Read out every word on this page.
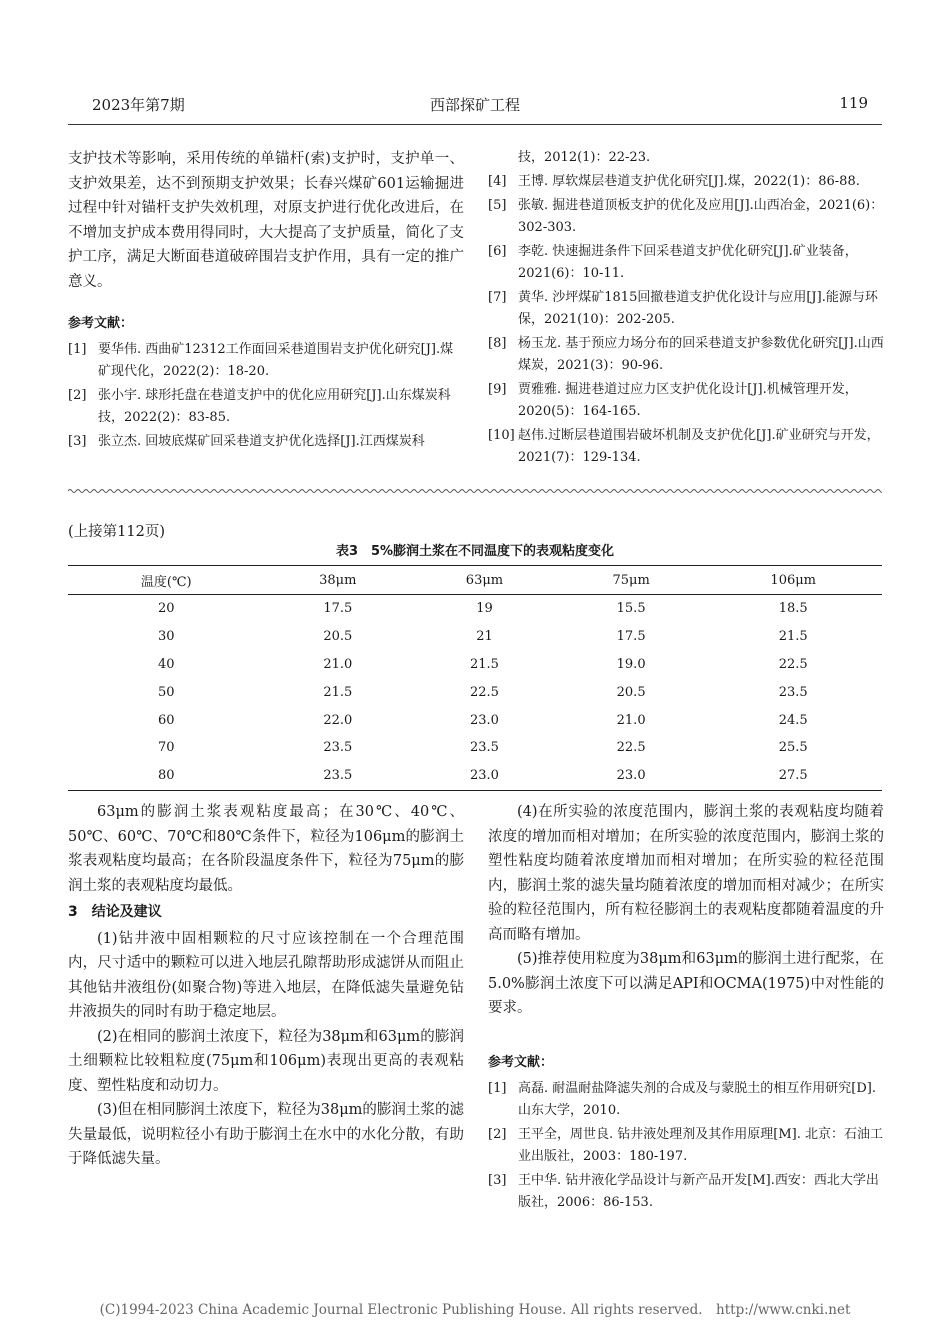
2023年第7期	西部探矿工程	119

支护技术等影响，采用传统的单锚杆(索)支护时，支护单一、支护效果差，达不到预期支护效果；长春兴煤矿601运输掘进过程中针对锚杆支护失效机理，对原支护进行优化改进后，在不增加支护成本费用得同时，大大提高了支护质量，简化了支护工序，满足大断面巷道破碎围岩支护作用，具有一定的推广意义。

参考文献：
[1] 要华伟. 西曲矿12312工作面回采巷道围岩支护优化研究[J].煤矿现代化，2022(2)：18-20.
[2] 张小宇. 球形托盘在巷道支护中的优化应用研究[J].山东煤炭科技，2022(2)：83-85.
[3] 张立杰. 回坡底煤矿回采巷道支护优化选择[J].江西煤炭科
技，2012(1)：22-23.
[4] 王博. 厚软煤层巷道支护优化研究[J].煤，2022(1)：86-88.
[5] 张敏. 掘进巷道顶板支护的优化及应用[J].山西冶金，2021(6)：302-303.
[6] 李乾. 快速掘进条件下回采巷道支护优化研究[J].矿业装备，2021(6)：10-11.
[7] 黄华. 沙坪煤矿1815回撤巷道支护优化设计与应用[J].能源与环保，2021(10)：202-205.
[8] 杨玉龙. 基于预应力场分布的回采巷道支护参数优化研究[J].山西煤炭，2021(3)：90-96.
[9] 贾雅雅. 掘进巷道过应力区支护优化设计[J].机械管理开发，2020(5)：164-165.
[10] 赵伟.过断层巷道围岩破坏机制及支护优化[J].矿业研究与开发，2021(7)：129-134.
(上接第112页)
表3　5%膨润土浆在不同温度下的表观粘度变化
温度(℃)	38μm	63μm	75μm	106μm
20	17.5	19	15.5	18.5
30	20.5	21	17.5	21.5
40	21.0	21.5	19.0	22.5
50	21.5	22.5	20.5	23.5
60	22.0	23.0	21.0	24.5
70	23.5	23.5	22.5	25.5
80	23.5	23.0	23.0	27.5

63μm的膨润土浆表观粘度最高；在30℃、40℃、50℃、60℃、70℃和80℃条件下，粒径为106μm的膨润土浆表观粘度均最高；在各阶段温度条件下，粒径为75μm的膨润土浆的表观粘度均最低。

3　结论及建议

(1)钻井液中固相颗粒的尺寸应该控制在一个合理范围内，尺寸适中的颗粒可以进入地层孔隙帮助形成滤饼从而阻止其他钻井液组份(如聚合物)等进入地层，在降低滤失量避免钻井液损失的同时有助于稳定地层。

(2)在相同的膨润土浓度下，粒径为38μm和63μm的膨润土细颗粒比较粗粒度(75μm和106μm)表现出更高的表观粘度、塑性粘度和动切力。

(3)但在相同膨润土浓度下，粒径为38μm的膨润土浆的滤失量最低，说明粒径小有助于膨润土在水中的水化分散，有助于降低滤失量。

(4)在所实验的浓度范围内，膨润土浆的表观粘度均随着浓度的增加而相对增加；在所实验的浓度范围内，膨润土浆的塑性粘度均随着浓度增加而相对增加；在所实验的粒径范围内，膨润土浆的滤失量均随着浓度的增加而相对减少；在所实验的粒径范围内，所有粒径膨润土的表观粘度都随着温度的升高而略有增加。

(5)推荐使用粒度为38μm和63μm的膨润土进行配浆，在5.0%膨润土浓度下可以满足API和OCMA(1975)中对性能的要求。

参考文献：
[1] 高磊. 耐温耐盐降滤失剂的合成及与蒙脱土的相互作用研究[D]. 山东大学，2010.
[2] 王平全，周世良. 钻井液处理剂及其作用原理[M]. 北京：石油工业出版社，2003：180-197.
[3] 王中华. 钻井液化学品设计与新产品开发[M].西安：西北大学出版社，2006：86-153.
(C)1994-2023 China Academic Journal Electronic Publishing House. All rights reserved.　http://www.cnki.net
